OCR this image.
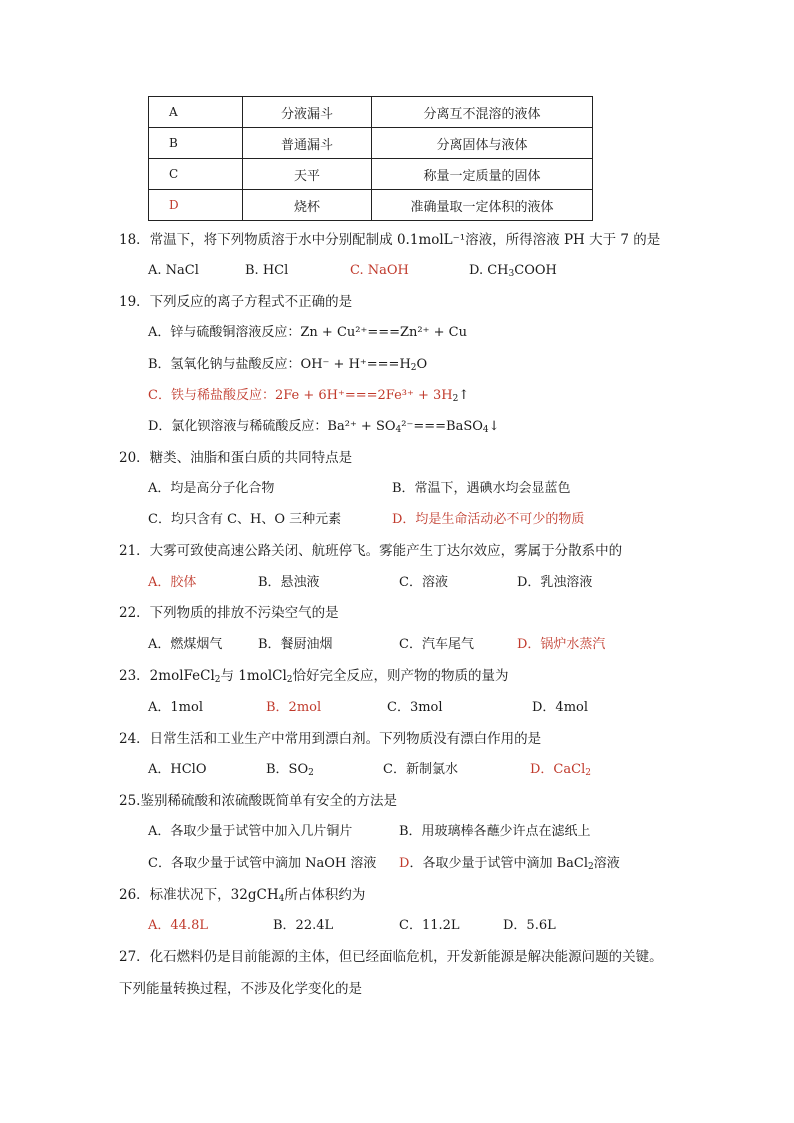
A	分液漏斗	分离互不混溶的液体
B	普通漏斗	分离固体与液体
C	天平	称量一定质量的固体
D	烧杯	准确量取一定体积的液体
18．常温下，将下列物质溶于水中分别配制成 0.1molL⁻¹溶液，所得溶液 PH 大于 7 的是
A. NaCl	B. HCl	C. NaOH	D. $CH_3COOH$
19．下列反应的离子方程式不正确的是
A．锌与硫酸铜溶液反应：Zn + Cu²⁺===Zn²⁺ + Cu
B．氢氧化钠与盐酸反应：$OH^- + H^+===H_2O$
C．铁与稀盐酸反应：$2Fe + 6H^+===2Fe^{3+} + 3H_2↑$
D．氯化钡溶液与稀硫酸反应：$Ba^{2+} + SO_4^{2-}===BaSO_4↓$
20．糖类、油脂和蛋白质的共同特点是
A．均是高分子化合物	B．常温下，遇碘水均会显蓝色
C．均只含有 C、H、O 三种元素	D．均是生命活动必不可少的物质
21．大雾可致使高速公路关闭、航班停飞。雾能产生丁达尔效应，雾属于分散系中的
A．胶体	B．悬浊液	C．溶液	D．乳浊溶液
22．下列物质的排放不污染空气的是
A．燃煤烟气	B．餐厨油烟	C．汽车尾气	D．锅炉水蒸汽
23．2molFeCl$_2$与 1molCl$_2$恰好完全反应，则产物的物质的量为
A．1mol	B．2mol	C．3mol	D．4mol
24．日常生活和工业生产中常用到漂白剂。下列物质没有漂白作用的是
A．HClO	B．$SO_2$	C．新制氯水	D．CaCl$_2$
25.鉴别稀硫酸和浓硫酸既简单有安全的方法是
A．各取少量于试管中加入几片铜片	B．用玻璃棒各蘸少许点在滤纸上
C．各取少量于试管中滴加 NaOH 溶液 D．各取少量于试管中滴加 BaCl$_2$溶液
26．标准状况下，32gCH$_4$所占体积约为
A．44.8L	B．22.4L	C．11.2L	D．5.6L
27．化石燃料仍是目前能源的主体，但已经面临危机，开发新能源是解决能源问题的关键。
下列能量转换过程，不涉及化学变化的是
